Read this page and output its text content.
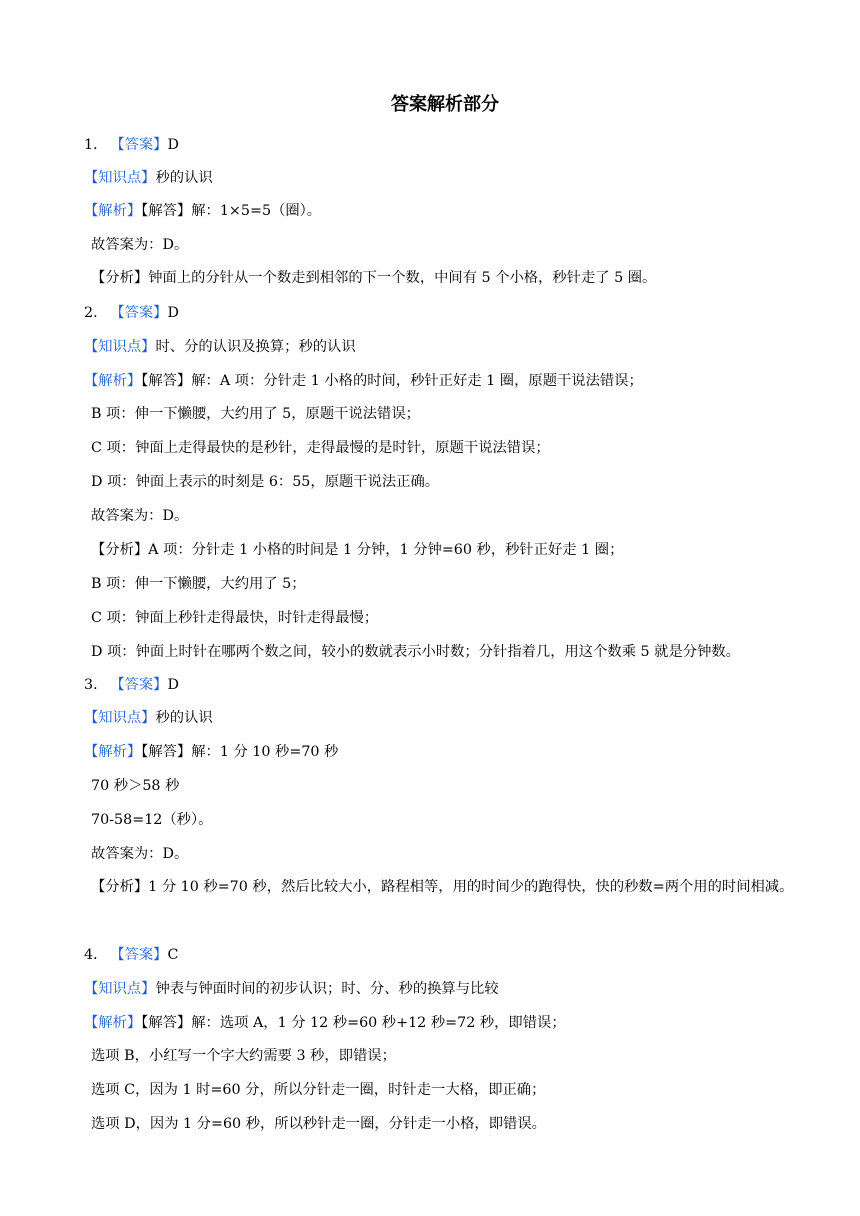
答案解析部分
1． 【答案】D
【知识点】秒的认识
【解析】【解答】解：1×5=5（圈）。
故答案为：D。
【分析】钟面上的分针从一个数走到相邻的下一个数，中间有 5 个小格，秒针走了 5 圈。
2． 【答案】D
【知识点】时、分的认识及换算；秒的认识
【解析】【解答】解：A 项：分针走 1 小格的时间，秒针正好走 1 圈，原题干说法错误；
B 项：伸一下懒腰，大约用了 5，原题干说法错误；
C 项：钟面上走得最快的是秒针，走得最慢的是时针，原题干说法错误；
D 项：钟面上表示的时刻是 6：55，原题干说法正确。
故答案为：D。
【分析】A 项：分针走 1 小格的时间是 1 分钟，1 分钟=60 秒，秒针正好走 1 圈；
B 项：伸一下懒腰，大约用了 5；
C 项：钟面上秒针走得最快，时针走得最慢；
D 项：钟面上时针在哪两个数之间，较小的数就表示小时数；分针指着几，用这个数乘 5 就是分钟数。
3． 【答案】D
【知识点】秒的认识
【解析】【解答】解：1 分 10 秒=70 秒
70 秒＞58 秒
70-58=12（秒）。
故答案为：D。
【分析】1 分 10 秒=70 秒，然后比较大小，路程相等，用的时间少的跑得快，快的秒数=两个用的时间相减。
4． 【答案】C
【知识点】钟表与钟面时间的初步认识；时、分、秒的换算与比较
【解析】【解答】解：选项 A，1 分 12 秒=60 秒+12 秒=72 秒，即错误；
选项 B，小红写一个字大约需要 3 秒，即错误；
选项 C，因为 1 时=60 分，所以分针走一圈，时针走一大格，即正确；
选项 D，因为 1 分=60 秒，所以秒针走一圈，分针走一小格，即错误。
